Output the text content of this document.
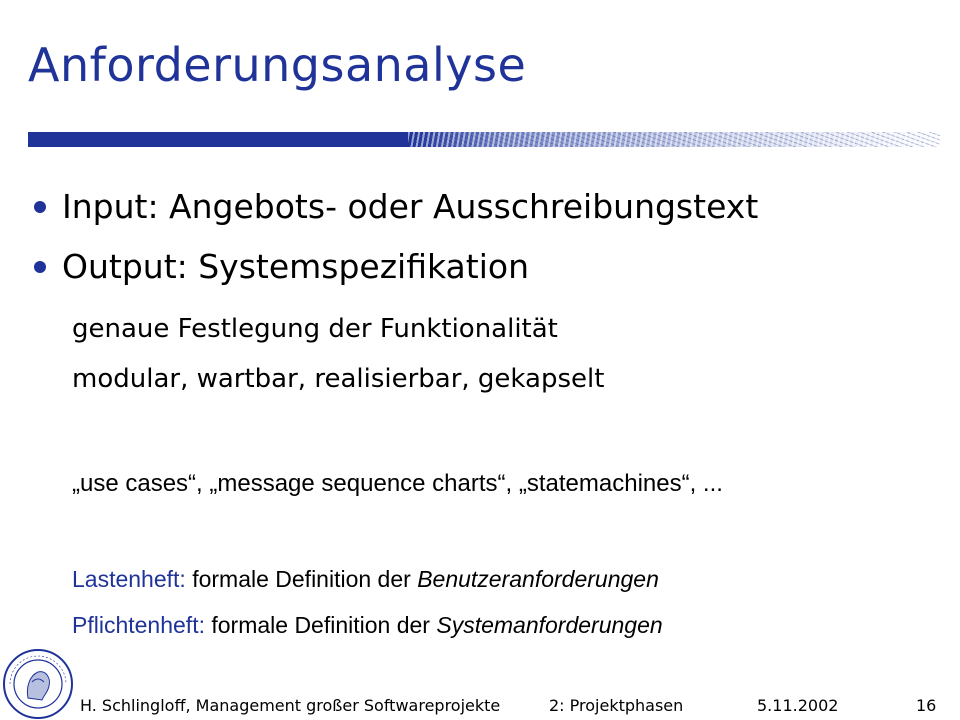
Anforderungsanalyse
Input: Angebots- oder Ausschreibungstext
Output: Systemspezifikation
genaue Festlegung der Funktionalität
modular, wartbar, realisierbar, gekapselt
„use cases“, „message sequence charts“, „statemachines“, ...
Lastenheft: formale Definition der Benutzeranforderungen
Pflichtenheft: formale Definition der Systemanforderungen
H. Schlingloff, Management großer Softwareprojekte	2: Projektphasen	5.11.2002	16
